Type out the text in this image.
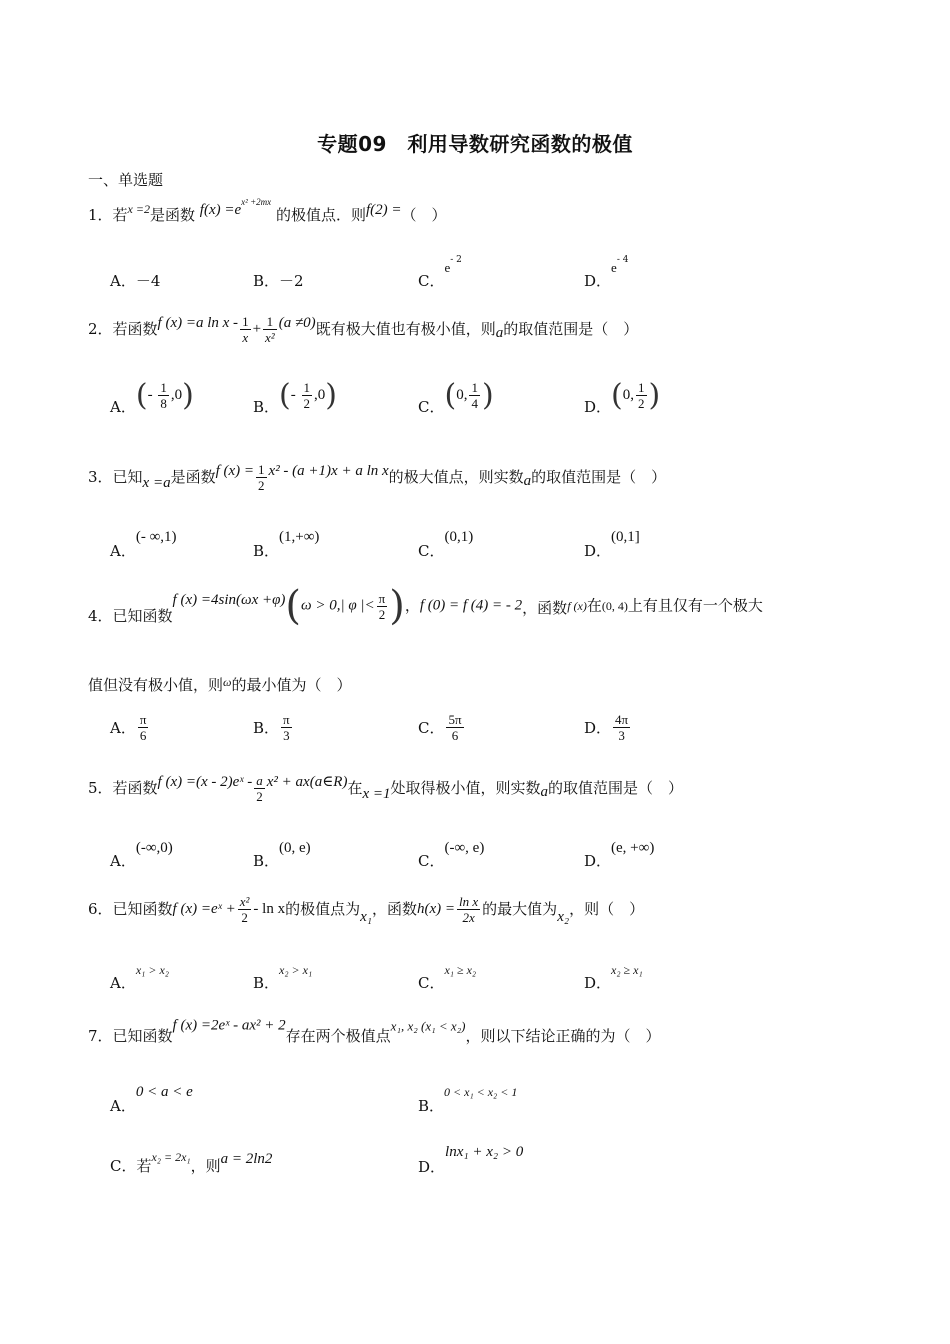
专题09　利用导数研究函数的极值
一、单选题
1．若$^{x =2}$是函数 $f(x) =e^{x^2 +2mx}$ 的极值点．则f(2) =（　）
A．－4	B．－2	C．$e^{- 2}$
D．$e^{- 4}$
2．若函数f (x) =a $\ln x - \frac{1}{x} + \frac{1}{\text{x²}} (a \ne 0)$既有极大值也有极小值，则a的取值范围是（　）
A．(- $\frac{1}{8} ,0$)	B．(- $\frac{1}{2} ,0$)	C．(0, $\frac{1}{4}$ )	D．(0, $\frac{1}{2}$ )
3．已知x =a是函数f $(x) = \frac{1}{2} x^2 - (a +1)x + a$ ln x的极大值点，则实数a的取值范围是（　）
A．(- ∞,1)
B．(1,+∞)
C．(0,1)
D．(0,1]
4．已知函数f (x) =4sin(ωx +φ)(ω > 0,| φ |< $\frac{\pi}{2}$ )，f (0) = f (4) = - 2，函数f (x)在(0, 4)上有且仅有一个极大
值但没有极小值，则$^\omega$的最小值为（　）
A． $\frac{\pi}{6}$	B． $\frac{\pi}{3}$	C． $\frac{5\pi}{6}$	D． $\frac{4\pi}{3}$
5．若函数f (x) =(x - 2)eˣ - $\frac{a}{2} x^2$ + ax(a∈R)在x =1处取得极小值，则实数a的取值范围是（　）
A．(-∞,0)
B．(0, e)
C．(-∞, e)
D．(e, +∞)
6．已知函数f (x) =eˣ + $\frac{\text{x²}}{2}$ - ln x的极值点为x₁，函数$h(x) = \frac{\text{ln x}}{2x}$ 的最大值为x₂，则（　）
A．x₁ > x₂
B．x₂ > x₁
C．x₁ ≥ x₂
D．x₂ ≥ x₁
7．已知函数f (x) =2eˣ - ax² + 2存在两个极值点x₁, x₂ (x₁ < x₂)，则以下结论正确的为（　）
A．0 < a < e
B．0 < x₁ < x₂ < 1
C．若x₂ = 2x₁，则a = 2ln2	D．lnx₁ + x₂ > 0
